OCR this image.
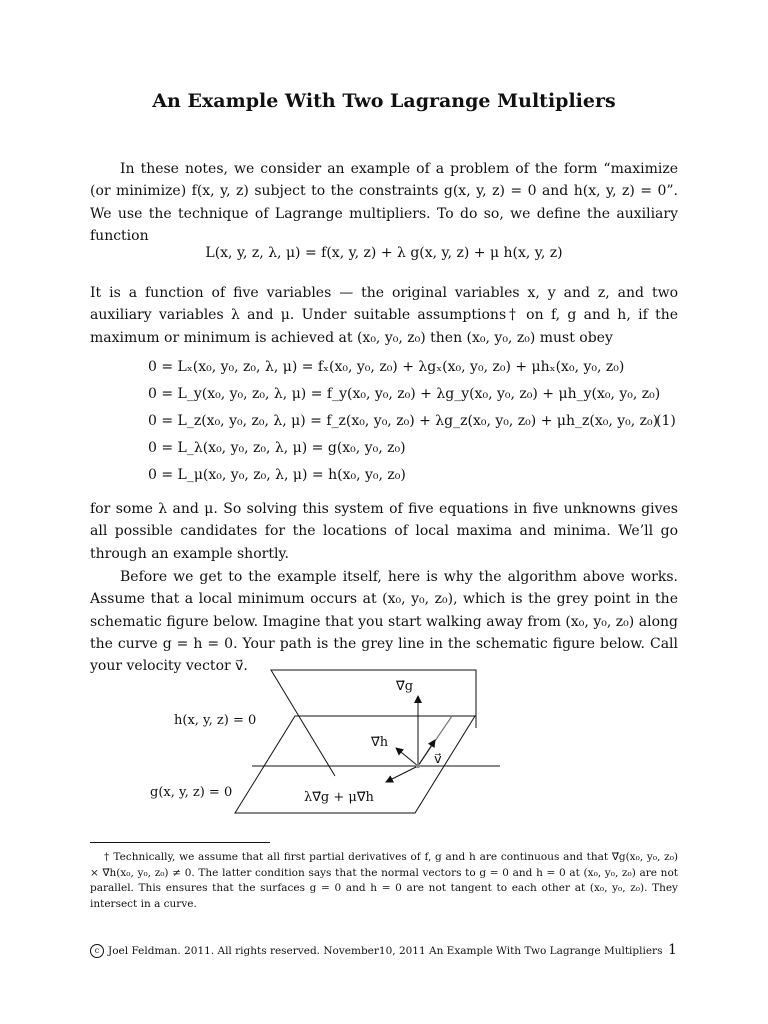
An Example With Two Lagrange Multipliers

In these notes, we consider an example of a problem of the form “maximize (or minimize) f(x, y, z) subject to the constraints g(x, y, z) = 0 and h(x, y, z) = 0”. We use the technique of Lagrange multipliers. To do so, we define the auxiliary function

L(x, y, z, λ, μ) = f(x, y, z) + λ g(x, y, z) + μ h(x, y, z)

It is a function of five variables — the original variables x, y and z, and two auxiliary variables λ and μ. Under suitable assumptions† on f, g and h, if the maximum or minimum is achieved at (x₀, y₀, z₀) then (x₀, y₀, z₀) must obey

0 = Lₓ(x₀, y₀, z₀, λ, μ) = fₓ(x₀, y₀, z₀) + λgₓ(x₀, y₀, z₀) + μhₓ(x₀, y₀, z₀)

0 = L_y(x₀, y₀, z₀, λ, μ) = f_y(x₀, y₀, z₀) + λg_y(x₀, y₀, z₀) + μh_y(x₀, y₀, z₀)

0 = L_z(x₀, y₀, z₀, λ, μ) = f_z(x₀, y₀, z₀) + λg_z(x₀, y₀, z₀) + μh_z(x₀, y₀, z₀)

0 = L_λ(x₀, y₀, z₀, λ, μ) = g(x₀, y₀, z₀)

0 = L_μ(x₀, y₀, z₀, λ, μ) = h(x₀, y₀, z₀)

(1)

for some λ and μ. So solving this system of five equations in five unknowns gives all possible candidates for the locations of local maxima and minima. We’ll go through an example shortly.

Before we get to the example itself, here is why the algorithm above works. Assume that a local minimum occurs at (x₀, y₀, z₀), which is the grey point in the schematic figure below. Imagine that you start walking away from (x₀, y₀, z₀) along the curve g = h = 0. Your path is the grey line in the schematic figure below. Call your velocity vector v⃗.

h(x, y, z) = 0
g(x, y, z) = 0
∇⃗g
∇⃗h
v⃗
λ∇⃗g + μ∇⃗h

† Technically, we assume that all first partial derivatives of f, g and h are continuous and that ∇⃗g(x₀, y₀, z₀) × ∇⃗h(x₀, y₀, z₀) ≠ 0. The latter condition says that the normal vectors to g = 0 and h = 0 at (x₀, y₀, z₀) are not parallel. This ensures that the surfaces g = 0 and h = 0 are not tangent to each other at (x₀, y₀, z₀). They intersect in a curve.

c Joel Feldman. 2011. All rights reserved. November10, 2011 An Example With Two Lagrange Multipliers 1
